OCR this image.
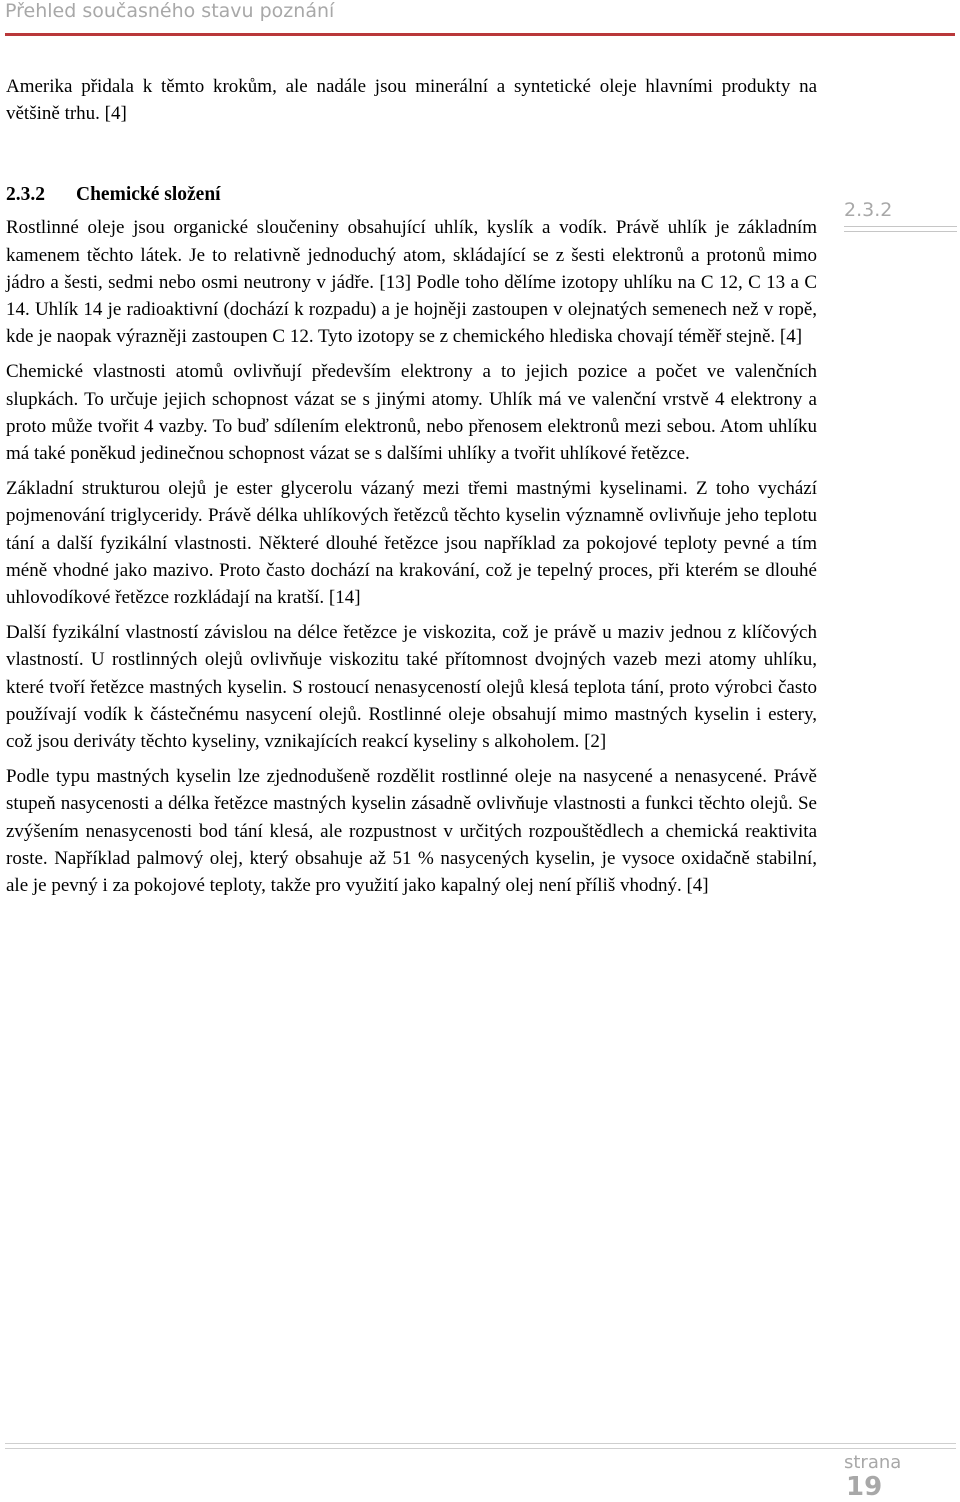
Přehled současného stavu poznání

Amerika přidala k těmto krokům, ale nadále jsou minerální a syntetické oleje hlavními produkty na většině trhu. [4]

2.3.2 Chemické složení

Rostlinné oleje jsou organické sloučeniny obsahující uhlík, kyslík a vodík. Právě uhlík je základním kamenem těchto látek. Je to relativně jednoduchý atom, skládající se z šesti elektronů a protonů mimo jádro a šesti, sedmi nebo osmi neutrony v jádře. [13] Podle toho dělíme izotopy uhlíku na C 12, C 13 a C 14. Uhlík 14 je radioaktivní (dochází k rozpadu) a je hojněji zastoupen v olejnatých semenech než v ropě, kde je naopak výrazněji zastoupen C 12. Tyto izotopy se z chemického hlediska chovají téměř stejně. [4]

Chemické vlastnosti atomů ovlivňují především elektrony a to jejich pozice a počet ve valenčních slupkách. To určuje jejich schopnost vázat se s jinými atomy. Uhlík má ve valenční vrstvě 4 elektrony a proto může tvořit 4 vazby. To buď sdílením elektronů, nebo přenosem elektronů mezi sebou. Atom uhlíku má také poněkud jedinečnou schopnost vázat se s dalšími uhlíky a tvořit uhlíkové řetězce.

Základní strukturou olejů je ester glycerolu vázaný mezi třemi mastnými kyselinami. Z toho vychází pojmenování triglyceridy. Právě délka uhlíkových řetězců těchto kyselin významně ovlivňuje jeho teplotu tání a další fyzikální vlastnosti. Některé dlouhé řetězce jsou například za pokojové teploty pevné a tím méně vhodné jako mazivo. Proto často dochází na krakování, což je tepelný proces, při kterém se dlouhé uhlovodíkové řetězce rozkládají na kratší. [14]

Další fyzikální vlastností závislou na délce řetězce je viskozita, což je právě u maziv jednou z klíčových vlastností. U rostlinných olejů ovlivňuje viskozitu také přítomnost dvojných vazeb mezi atomy uhlíku, které tvoří řetězce mastných kyselin. S rostoucí nenasyceností olejů klesá teplota tání, proto výrobci často používají vodík k částečnému nasycení olejů. Rostlinné oleje obsahují mimo mastných kyselin i estery, což jsou deriváty těchto kyseliny, vznikajících reakcí kyseliny s alkoholem. [2]

Podle typu mastných kyselin lze zjednodušeně rozdělit rostlinné oleje na nasycené a nenasycené. Právě stupeň nasycenosti a délka řetězce mastných kyselin zásadně ovlivňuje vlastnosti a funkci těchto olejů. Se zvýšením nenasycenosti bod tání klesá, ale rozpustnost v určitých rozpouštědlech a chemická reaktivita roste. Například palmový olej, který obsahuje až 51 % nasycených kyselin, je vysoce oxidačně stabilní, ale je pevný i za pokojové teploty, takže pro využití jako kapalný olej není příliš vhodný. [4]

2.3.2
strana
19
